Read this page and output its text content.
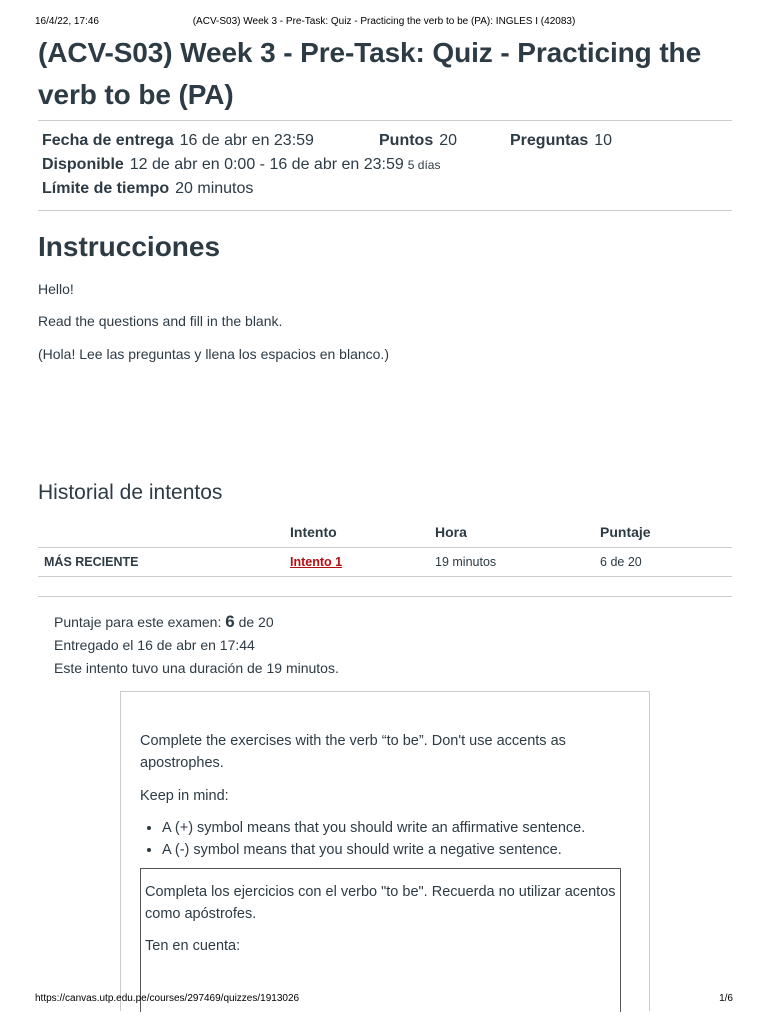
16/4/22, 17:46	(ACV-S03) Week 3 - Pre-Task: Quiz - Practicing the verb to be (PA): INGLES I (42083)
(ACV-S03) Week 3 - Pre-Task: Quiz - Practicing the verb to be (PA)
Fecha de entrega 16 de abr en 23:59	Puntos 20	Preguntas 10
Disponible 12 de abr en 0:00 - 16 de abr en 23:59 5 días
Límite de tiempo 20 minutos
Instrucciones

Hello!

Read the questions and fill in the blank.

(Hola! Lee las preguntas y llena los espacios en blanco.)

Historial de intentos
	Intento	Hora	Puntaje
MÁS RECIENTE	Intento 1	19 minutos	6 de 20
Puntaje para este examen: 6 de 20
Entregado el 16 de abr en 17:44
Este intento tuvo una duración de 19 minutos.
Complete the exercises with the verb “to be”. Don't use accents as apostrophes.
Keep in mind:
• A (+) symbol means that you should write an affirmative sentence.
• A (-) symbol means that you should write a negative sentence.
Completa los ejercicios con el verbo "to be". Recuerda no utilizar acentos como apóstrofes.
Ten en cuenta:
https://canvas.utp.edu.pe/courses/297469/quizzes/1913026	1/6
